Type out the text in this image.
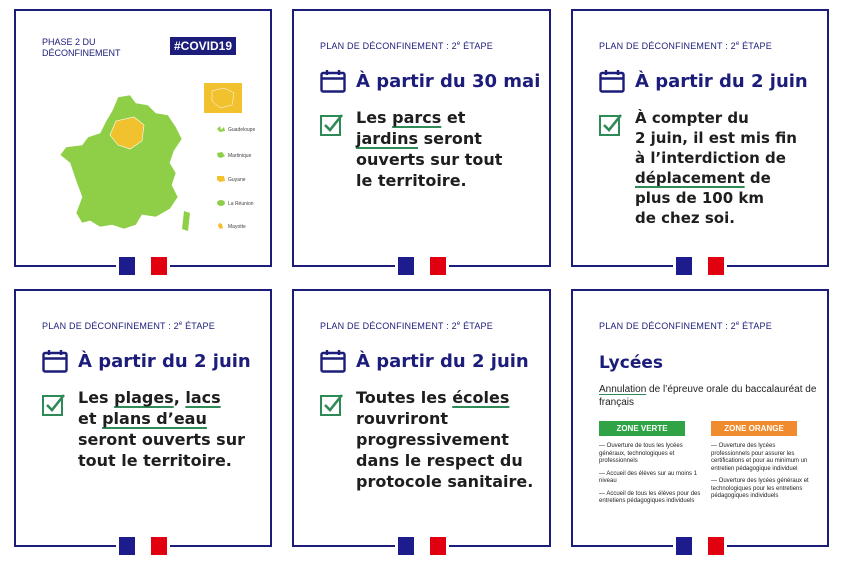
PHASE 2 DU
DÉCONFINEMENT	#COVID19
Guadeloupe
Martinique
Guyane
La Réunion
Mayotte
PLAN DE DÉCONFINEMENT : 2e ÉTAPE
À partir du 30 mai
Les parcs et
jardins seront
ouverts sur tout
le territoire.
PLAN DE DÉCONFINEMENT : 2e ÉTAPE
À partir du 2 juin
À compter du
2 juin, il est mis fin
à l’interdiction de
déplacement de
plus de 100 km
de chez soi.
PLAN DE DÉCONFINEMENT : 2e ÉTAPE
À partir du 2 juin
Les plages, lacs
et plans d’eau
seront ouverts sur
tout le territoire.
PLAN DE DÉCONFINEMENT : 2e ÉTAPE
À partir du 2 juin
Toutes les écoles
rouvriront
progressivement
dans le respect du
protocole sanitaire.
PLAN DE DÉCONFINEMENT : 2e ÉTAPE
Lycées
Annulation de l’épreuve orale du baccalauréat de français
ZONE VERTE	ZONE ORANGE
— Ouverture de tous les lycées généraux, technologiques et professionnels
— Accueil des élèves sur au moins 1 niveau
— Accueil de tous les élèves pour des entretiens pédagogiques individuels
— Ouverture des lycées professionnels pour assurer les certifications et pour au minimum un entretien pédagogique individuel
— Ouverture des lycées généraux et technologiques pour les entretiens pédagogiques individuels
